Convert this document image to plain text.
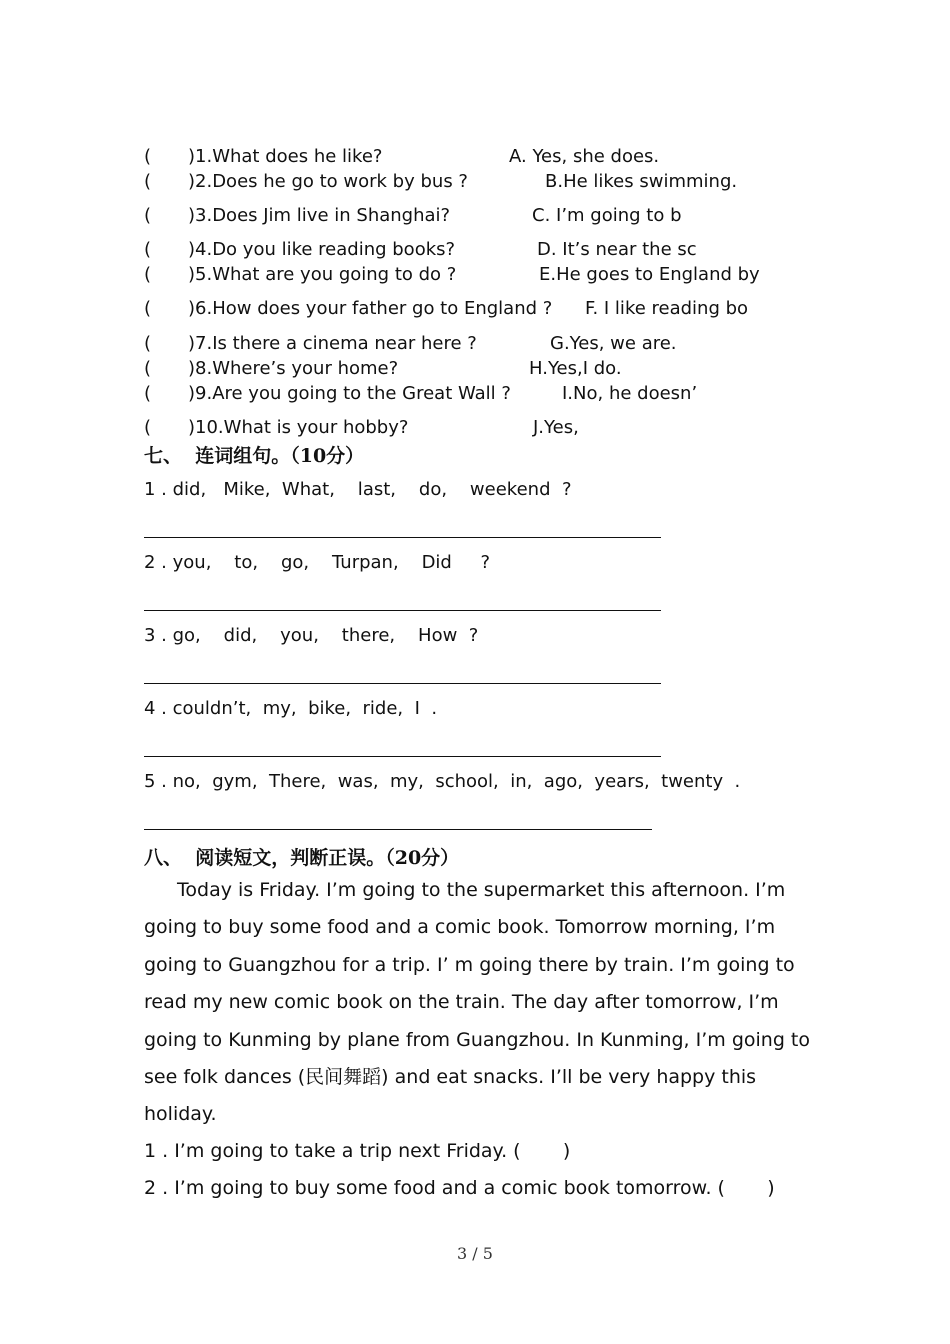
( )1.What does he like?	A. Yes, she does.
( )2.Does he go to work by bus ?	B.He likes swimming.
( )3.Does Jim live in Shanghai?	C. I’m going to b
( )4.Do you like reading books?	D. It’s near the sc
( )5.What are you going to do ?	E.He goes to England by
( )6.How does your father go to England ? F. I like reading bo
( )7.Is there a cinema near here ?	G.Yes, we are.
( )8.Where’s your home?	H.Yes,I do.
( )9.Are you going to the Great Wall ?	I.No, he doesn’
( )10.What is your hobby?	J.Yes,
七、  连词组句。（10分）
1 . did,   Mike,  What,    last,    do,    weekend  ?
2 . you,    to,    go,    Turpan,    Did     ?
3 . go,    did,    you,    there,    How  ?
4 . couldn’t,  my,  bike,  ride,  I  .
5 . no,  gym,  There,  was,  my,  school,  in,  ago,  years,  twenty  .
八、  阅读短文，判断正误。（20分）
Today is Friday. I’m going to the supermarket this afternoon. I’m going to buy some food and a comic book. Tomorrow morning, I’m going to Guangzhou for a trip. I’ m going there by train. I’m going to read my new comic book on the train. The day after tomorrow, I’m going to Kunming by plane from Guangzhou. In Kunming, I’m going to see folk dances (民间舞蹈) and eat snacks. I’ll be very happy this holiday.
1 . I’m going to take a trip next Friday. (       )
2 . I’m going to buy some food and a comic book tomorrow. (       )
3 / 5
